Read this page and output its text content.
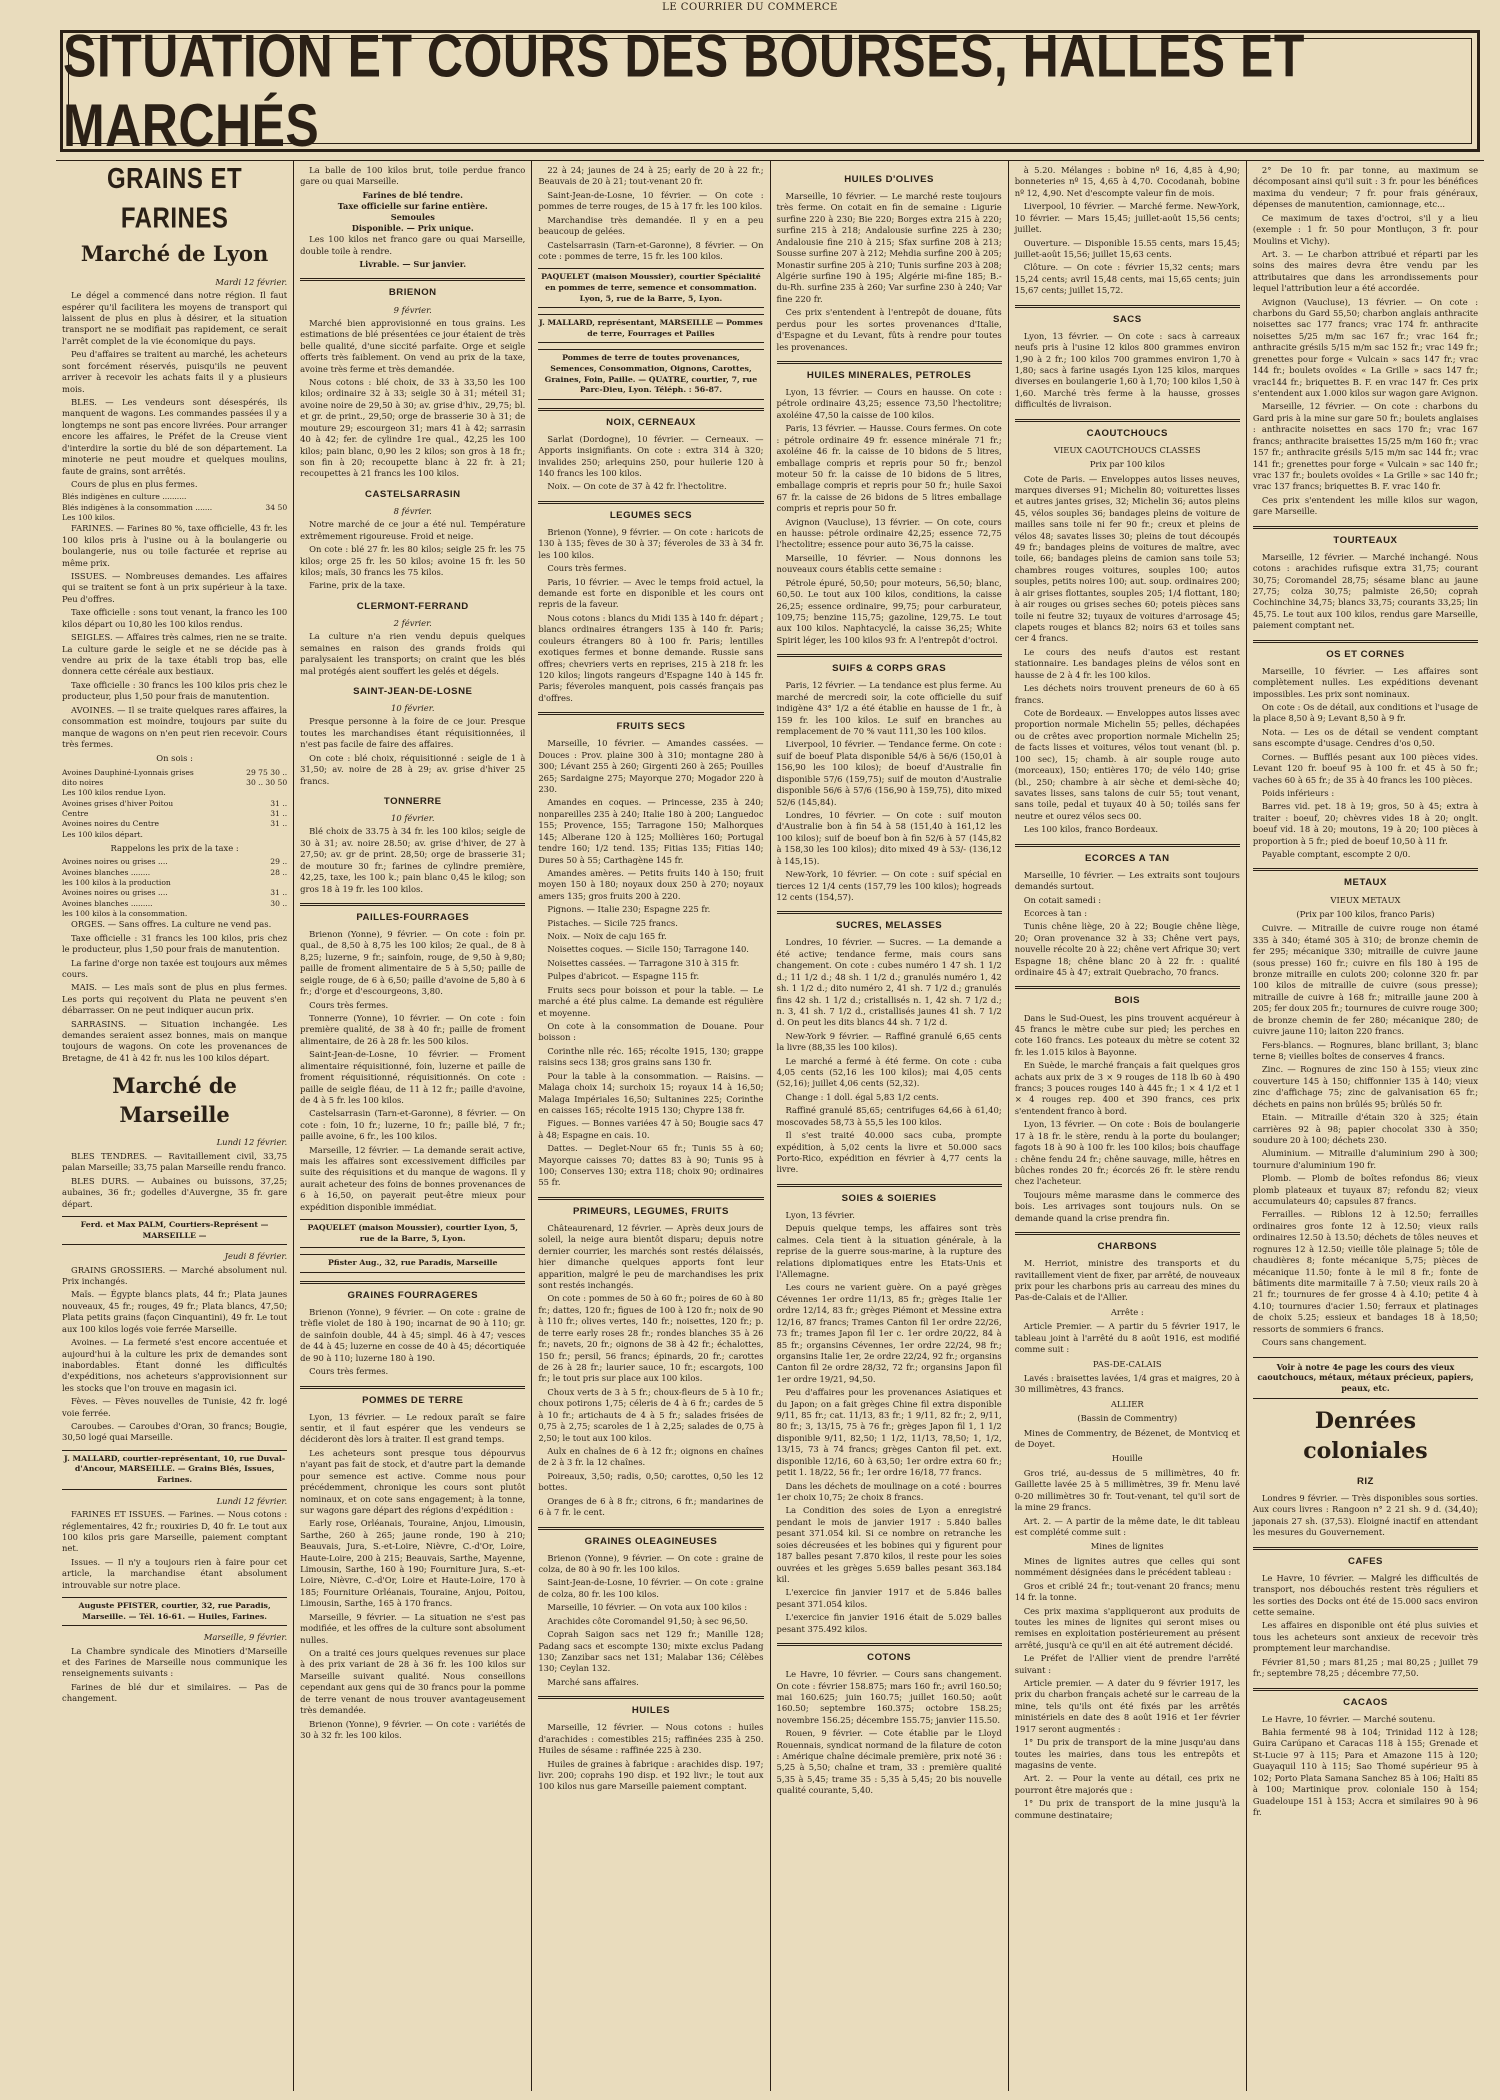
LE COURRIER DU COMMERCE
SITUATION ET COURS DES BOURSES, HALLES ET MARCHÉS
GRAINS ET FARINES
Marché de Lyon
Mardi 12 février.

Le dégel a commencé dans notre région. Il faut espérer qu'il facilitera les moyens de transport qui laissent de plus en plus à désirer, et la situation transport ne se modifiait pas rapidement, ce serait l'arrêt complet de la vie économique du pays.

Peu d'affaires se traitent au marché, les acheteurs sont forcément réservés, puisqu'ils ne peuvent arriver à recevoir les achats faits il y a plusieurs mois.

BLES. — Les vendeurs sont désespérés, ils manquent de wagons. Les commandes passées il y a longtemps ne sont pas encore livrées. Pour arranger encore les affaires, le Préfet de la Creuse vient d'interdire la sortie du blé de son département. La minoterie ne peut moudre et quelques moulins, faute de grains, sont arrêtés.

Cours de plus en plus fermes.

Blés indigènes en culture ..........	
Blés indigènes à la consommation .......	34 50
Les 100 kilos.	

FARINES. — Farines 80 %, taxe officielle, 43 fr. les 100 kilos pris à l'usine ou à la boulangerie ou boulangerie, nus ou toile facturée et reprise au même prix.

ISSUES. — Nombreuses demandes. Les affaires qui se traitent se font à un prix supérieur à la taxe. Peu d'offres.

Taxe officielle : sons tout venant, la franco les 100 kilos départ ou 10,80 les 100 kilos rendus.

SEIGLES. — Affaires très calmes, rien ne se traite. La culture garde le seigle et ne se décide pas à vendre au prix de la taxe établi trop bas, elle donnera cette céréale aux bestiaux.

Taxe officielle : 30 francs les 100 kilos pris chez le producteur, plus 1,50 pour frais de manutention.

AVOINES. — Il se traite quelques rares affaires, la consommation est moindre, toujours par suite du manque de wagons on n'en peut rien recevoir. Cours très fermes.

On sois :
Avoines Dauphiné-Lyonnais grises	29 75 30 ..
dito noires	30 .. 30 50
Les 100 kilos rendue Lyon.	
Avoines grises d'hiver Poitou	31 ..
Centre	31 ..
Avoines noires du Centre	31 ..
Les 100 kilos départ.	
Rappelons les prix de la taxe :
Avoines noires ou grises ....	29 ..
Avoines blanches ........	28 ..
les 100 kilos à la production	
Avoines noires ou grises ....	31 ..
Avoines blanches .........	30 ..
les 100 kilos à la consommation.	

ORGES. — Sans offres. La culture ne vend pas.

Taxe officielle : 31 francs les 100 kilos, pris chez le producteur, plus 1,50 pour frais de manutention.

La farine d'orge non taxée est toujours aux mêmes cours.

MAIS. — Les maïs sont de plus en plus fermes. Les ports qui reçoivent du Plata ne peuvent s'en débarrasser. On ne peut indiquer aucun prix.

SARRASINS. — Situation inchangée. Les demandes seraient assez bonnes, mais on manque toujours de wagons. On cote les provenances de Bretagne, de 41 à 42 fr. nus les 100 kilos départ.

Marché de Marseille
Lundi 12 février.

BLES TENDRES. — Ravitaillement civil, 33,75 palan Marseille; 33,75 palan Marseille rendu franco.

BLES DURS. — Aubaines ou buissons, 37,25; aubaines, 36 fr.; godelles d'Auvergne, 35 fr. gare départ.

Ferd. et Max PALM, Courtiers-Représent — MARSEILLE —
Jeudi 8 février.

GRAINS GROSSIERS. — Marché absolument nul. Prix inchangés.

Maïs. — Égypte blancs plats, 44 fr.; Plata jaunes nouveaux, 45 fr.; rouges, 49 fr.; Plata blancs, 47,50; Plata petits grains (façon Cinquantini), 49 fr. Le tout aux 100 kilos logés voie ferrée Marseille.

Avoines. — La fermeté s'est encore accentuée et aujourd'hui à la culture les prix de demandes sont inabordables. Étant donné les difficultés d'expéditions, nos acheteurs s'approvisionnent sur les stocks que l'on trouve en magasin ici.

Fèves. — Fèves nouvelles de Tunisie, 42 fr. logé voie ferrée.

Caroubes. — Caroubes d'Oran, 30 francs; Bougie, 30,50 logé quai Marseille.

J. MALLARD, courtier-représentant, 10, rue Duval-d'Ancour, MARSEILLE. — Grains Blés, Issues, Farines.
Lundi 12 février.

FARINES ET ISSUES. — Farines. — Nous cotons : réglementaires, 42 fr.; rouxiries D, 40 fr. Le tout aux 100 kilos pris gare Marseille, paiement comptant net.

Issues. — Il n'y a toujours rien à faire pour cet article, la marchandise étant absolument introuvable sur notre place.

Auguste PFISTER, courtier, 32, rue Paradis, Marseille. — Tél. 16-61. — Huiles, Farines.
Marseille, 9 février.

La Chambre syndicale des Minotiers d'Marseille et des Farines de Marseille nous communique les renseignements suivants :

Farines de blé dur et similaires. — Pas de changement.

La balle de 100 kilos brut, toile perdue franco gare ou quai Marseille.

Farines de blé tendre.
Taxe officielle sur farine entière.
Semoules
Disponible. — Prix unique.

Les 100 kilos net franco gare ou quai Marseille, double toile à rendre.

Livrable. — Sur janvier.
BRIENON
9 février.

Marché bien approvisionné en tous grains. Les estimations de blé présentées ce jour étaient de très belle qualité, d'une siccité parfaite. Orge et seigle offerts très faiblement. On vend au prix de la taxe, avoine très ferme et très demandée.

Nous cotons : blé choix, de 33 à 33,50 les 100 kilos; ordinaire 32 à 33; seigle 30 à 31; méteil 31; avoine noire de 29,50 à 30; av. grise d'hiv., 29,75; bl. et gr. de print., 29,50; orge de brasserie 30 à 31; de mouture 29; escourgeon 31; mars 41 à 42; sarrasin 40 à 42; fer. de cylindre 1re qual., 42,25 les 100 kilos; pain blanc, 0,90 les 2 kilos; son gros à 18 fr.; son fin à 20; recoupette blanc à 22 fr. à 21; recoupettes à 21 francs les 100 kilos.

CASTELSARRASIN
8 février.

Notre marché de ce jour a été nul. Température extrêmement rigoureuse. Froid et neige.

On cote : blé 27 fr. les 80 kilos; seigle 25 fr. les 75 kilos; orge 25 fr. les 50 kilos; avoine 15 fr. les 50 kilos; maïs, 30 francs les 75 kilos.

Farine, prix de la taxe.

CLERMONT-FERRAND
2 février.

La culture n'a rien vendu depuis quelques semaines en raison des grands froids qui paralysaient les transports; on craint que les blés mal protégés aient souffert les gelés et dégels.

SAINT-JEAN-DE-LOSNE
10 février.

Presque personne à la foire de ce jour. Presque toutes les marchandises étant réquisitionnées, il n'est pas facile de faire des affaires.

On cote : blé choix, réquisitionné : seigle de 1 à 31,50; av. noire de 28 à 29; av. grise d'hiver 25 francs.

TONNERRE
10 février.

Blé choix de 33.75 à 34 fr. les 100 kilos; seigle de 30 à 31; av. noire 28.50; av. grise d'hiver, de 27 à 27,50; av. gr de print. 28,50; orge de brasserie 31; de mouture 30 fr.; farines de cylindre première, 42,25, taxe, les 100 k.; pain blanc 0,45 le kilog; son gros 18 à 19 fr. les 100 kilos.

PAILLES-FOURRAGES

Brienon (Yonne), 9 février. — On cote : foin pr. qual., de 8,50 à 8,75 les 100 kilos; 2e qual., de 8 à 8,25; luzerne, 9 fr.; sainfoin, rouge, de 9,50 à 9,80; paille de froment alimentaire de 5 à 5,50; paille de seigle rouge, de 6 à 6,50; paille d'avoine de 5,80 à 6 fr.; d'orge et d'escourgeons, 3,80.

Cours très fermes.

Tonnerre (Yonne), 10 février. — On cote : foin première qualité, de 38 à 40 fr.; paille de froment alimentaire, de 26 à 28 fr. les 500 kilos.

Saint-Jean-de-Losne, 10 février. — Froment alimentaire réquisitionné, foin, luzerne et paille de froment réquisitionné, réquisitionnés. On cote : paille de seigle fléau, de 11 à 12 fr.; paille d'avoine, de 4 à 5 fr. les 100 kilos.

Castelsarrasin (Tarn-et-Garonne), 8 février. — On cote : foin, 10 fr.; luzerne, 10 fr.; paille blé, 7 fr.; paille avoine, 6 fr., les 100 kilos.

Marseille, 12 février. — La demande serait active, mais les affaires sont excessivement difficiles par suite des réquisitions et du manque de wagons. Il y aurait acheteur des foins de bonnes provenances de 6 à 16,50, on payerait peut-être mieux pour expédition disponible immédiat.

PAQUELET (maison Moussier), courtier Lyon, 5, rue de la Barre, 5, Lyon.
Pfister Aug., 32, rue Paradis, Marseille
GRAINES FOURRAGERES

Brienon (Yonne), 9 février. — On cote : graine de trèfle violet de 180 à 190; incarnat de 90 à 110; gr. de sainfoin double, 44 à 45; simpl. 46 à 47; vesces de 44 à 45; luzerne en cosse de 40 à 45; décortiquée de 90 à 110; luzerne 180 à 190.

Cours très fermes.

POMMES DE TERRE

Lyon, 13 février. — Le redoux paraît se faire sentir, et il faut espérer que les vendeurs se décideront dès lors à traiter. Il est grand temps.

Les acheteurs sont presque tous dépourvus n'ayant pas fait de stock, et d'autre part la demande pour semence est active. Comme nous pour précédemment, chronique les cours sont plutôt nominaux, et on cote sans engagement; à la tonne, sur wagons gare départ des régions d'expédition :

Early rose, Orléanais, Touraine, Anjou, Limousin, Sarthe, 260 à 265; jaune ronde, 190 à 210; Beauvais, Jura, S.-et-Loire, Nièvre, C.-d'Or, Loire, Haute-Loire, 200 à 215; Beauvais, Sarthe, Mayenne, Limousin, Sarthe, 160 à 190; Fourniture Jura, S.-et-Loire, Nièvre, C.-d'Or, Loire et Haute-Loire, 170 à 185; Fourniture Orléanais, Touraine, Anjou, Poitou, Limousin, Sarthe, 165 à 170 francs.

Marseille, 9 février. — La situation ne s'est pas modifiée, et les offres de la culture sont absolument nulles.

On a traité ces jours quelques revenues sur place à des prix variant de 28 à 36 fr. les 100 kilos sur Marseille suivant qualité. Nous conseillons cependant aux gens qui de 30 francs pour la pomme de terre venant de nous trouver avantageusement très demandée.

Brienon (Yonne), 9 février. — On cote : variétés de 30 à 32 fr. les 100 kilos.

22 à 24; jaunes de 24 à 25; early de 20 à 22 fr.; Beauvais de 20 à 21; tout-venant 20 fr.

Saint-Jean-de-Losne, 10 février. — On cote : pommes de terre rouges, de 15 à 17 fr. les 100 kilos.

Marchandise très demandée. Il y en a peu beaucoup de gelées.

Castelsarrasin (Tarn-et-Garonne), 8 février. — On cote : pommes de terre, 15 fr. les 100 kilos.

PAQUELET (maison Moussier), courtier Spécialité en pommes de terre, semence et consommation. Lyon, 5, rue de la Barre, 5, Lyon.
J. MALLARD, représentant, MARSEILLE — Pommes de terre, Fourrages et Pailles
Pommes de terre de toutes provenances, Semences, Consommation, Oignons, Carottes, Graines, Foin, Paille. — QUATRE, courtier, 7, rue Parc-Dieu, Lyon. Téléph. : 56-87.
NOIX, CERNEAUX

Sarlat (Dordogne), 10 février. — Cerneaux. — Apports insignifiants. On cote : extra 314 à 320; invalides 250; arlequins 250, pour huilerie 120 à 140 francs les 100 kilos.

Noix. — On cote de 37 à 42 fr. l'hectolitre.

LEGUMES SECS

Brienon (Yonne), 9 février. — On cote : haricots de 130 à 135; fèves de 30 à 37; féveroles de 33 à 34 fr. les 100 kilos.

Cours très fermes.

Paris, 10 février. — Avec le temps froid actuel, la demande est forte en disponible et les cours ont repris de la faveur.

Nous cotons : blancs du Midi 135 à 140 fr. départ ; blancs ordinaires étrangers 135 à 140 fr. Paris; couleurs étrangers 80 à 100 fr. Paris; lentilles exotiques fermes et bonne demande. Russie sans offres; chevriers verts en reprises, 215 à 218 fr. les 120 kilos; lingots rangeurs d'Espagne 140 à 145 fr. Paris; féveroles manquent, pois cassés français pas d'offres.

FRUITS SECS

Marseille, 10 février. — Amandes cassées. — Douces : Prov. plaine 300 à 310; montagne 280 à 300; Lévant 255 à 260; Girgenti 260 à 265; Pouilles 265; Sardaigne 275; Mayorque 270; Mogador 220 à 230.

Amandes en coques. — Princesse, 235 à 240; nonpareilles 235 à 240; Italie 180 à 200; Languedoc 155; Provence, 155; Tarragone 150; Malhorques 145; Alberane 120 à 125; Mollières 160; Portugal tendre 160; 1/2 tend. 135; Fitias 135; Fitias 140; Dures 50 à 55; Carthagène 145 fr.

Amandes amères. — Petits fruits 140 à 150; fruit moyen 150 à 180; noyaux doux 250 à 270; noyaux amers 135; gros fruits 200 à 220.

Pignons. — Italie 230; Espagne 225 fr.

Pistaches. — Sicile 725 francs.

Noix. — Noix de caju 165 fr.

Noisettes coques. — Sicile 150; Tarragone 140.

Noisettes cassées. — Tarragone 310 à 315 fr.

Pulpes d'abricot. — Espagne 115 fr.

Fruits secs pour boisson et pour la table. — Le marché a été plus calme. La demande est régulière et moyenne.

On cote à la consommation de Douane. Pour boisson :

Corinthe nlle réc. 165; récolte 1915, 130; grappe raisins secs 138; gros grains sans 130 fr.

Pour la table à la consommation. — Raisins. — Malaga choix 14; surchoix 15; royaux 14 à 16,50; Malaga Impériales 16,50; Sultanines 225; Corinthe en caisses 165; récolte 1915 130; Chypre 138 fr.

Figues. — Bonnes variées 47 à 50; Bougie sacs 47 à 48; Espagne en cais. 10.

Dattes. — Deglet-Nour 65 fr.; Tunis 55 à 60; Mayorque caisses 70; dattes 83 à 90; Tunis 95 à 100; Conserves 130; extra 118; choix 90; ordinaires 55 fr.

PRIMEURS, LEGUMES, FRUITS

Châteaurenard, 12 février. — Après deux jours de soleil, la neige aura bientôt disparu; depuis notre dernier courrier, les marchés sont restés délaissés, hier dimanche quelques apports font leur apparition, malgré le peu de marchandises les prix sont restés inchangés.

On cote : pommes de 50 à 60 fr.; poires de 60 à 80 fr.; dattes, 120 fr.; figues de 100 à 120 fr.; noix de 90 à 110 fr.; olives vertes, 140 fr.; noisettes, 120 fr.; p. de terre early roses 28 fr.; rondes blanches 35 à 26 fr.; navets, 20 fr.; oignons de 38 à 42 fr.; échalottes, 150 fr.; persil, 56 francs; épinards, 20 fr.; carottes de 26 à 28 fr.; laurier sauce, 10 fr.; escargots, 100 fr.; le tout pris sur place aux 100 kilos.

Choux verts de 3 à 5 fr.; choux-fleurs de 5 à 10 fr.; choux potirons 1,75; céleris de 4 à 6 fr.; cardes de 5 à 10 fr.; artichauts de 4 à 5 fr.; salades frisées de 0,75 à 2,75; scaroles de 1 à 2,25; salades de 0,75 à 2,50; le tout aux 100 kilos.

Aulx en chaînes de 6 à 12 fr.; oignons en chaînes de 2 à 3 fr. la 12 chaînes.

Poireaux, 3,50; radis, 0,50; carottes, 0,50 les 12 bottes.

Oranges de 6 à 8 fr.; citrons, 6 fr.; mandarines de 6 à 7 fr. le cent.

GRAINES OLEAGINEUSES

Brienon (Yonne), 9 février. — On cote : graine de colza, de 80 à 90 fr. les 100 kilos.

Saint-Jean-de-Losne, 10 février. — On cote : graine de colza, 80 fr. les 100 kilos.

Marseille, 10 février. — On vota aux 100 kilos :

Arachides côte Coromandel 91,50; à sec 96,50.

Coprah Saigon sacs net 129 fr.; Manille 128; Padang sacs et escompte 130; mixte exclus Padang 130; Zanzibar sacs net 131; Malabar 136; Célèbes 130; Ceylan 132.

Marché sans affaires.

HUILES

Marseille, 12 février. — Nous cotons : huiles d'arachides : comestibles 215; raffinées 235 à 250. Huiles de sésame : raffinée 225 à 230.

Huiles de graines à fabrique : arachides disp. 197; livr. 200; coprahs 190 disp. et 192 livr.; le tout aux 100 kilos nus gare Marseille paiement comptant.

HUILES D'OLIVES

Marseille, 10 février. — Le marché reste toujours très ferme. On cotait en fin de semaine : Ligurie surfine 220 à 230; Bie 220; Borges extra 215 à 220; surfine 215 à 218; Andalousie surfine 225 à 230; Andalousie fine 210 à 215; Sfax surfine 208 à 213; Sousse surfine 207 à 212; Mehdia surfine 200 à 205; Monastir surfine 205 à 210; Tunis surfine 203 à 208; Algérie surfine 190 à 195; Algérie mi-fine 185; B.-du-Rh. surfine 235 à 260; Var surfine 230 à 240; Var fine 220 fr.

Ces prix s'entendent à l'entrepôt de douane, fûts perdus pour les sortes provenances d'Italie, d'Espagne et du Levant, fûts à rendre pour toutes les provenances.

HUILES MINERALES, PETROLES

Lyon, 13 février. — Cours en hausse. On cote : pétrole ordinaire 43,25; essence 73,50 l'hectolitre; axoléine 47,50 la caisse de 100 kilos.

Paris, 13 février. — Hausse. Cours fermes. On cote : pétrole ordinaire 49 fr. essence minérale 71 fr.; axoléine 46 fr. la caisse de 10 bidons de 5 litres, emballage compris et repris pour 50 fr.; benzol moteur 50 fr. la caisse de 10 bidons de 5 litres, emballage compris et repris pour 50 fr.; huile Saxoi 67 fr. la caisse de 26 bidons de 5 litres emballage compris et repris pour 50 fr.

Avignon (Vaucluse), 13 février. — On cote, cours en hausse: pétrole ordinaire 42,25; essence 72,75 l'hectolitre; essence pour auto 36,75 la caisse.

Marseille, 10 février. — Nous donnons les nouveaux cours établis cette semaine :

Pétrole épuré, 50,50; pour moteurs, 56,50; blanc, 60,50. Le tout aux 100 kilos, conditions, la caisse 26,25; essence ordinaire, 99,75; pour carburateur, 109,75; benzine 115,75; gazoline, 129,75. Le tout aux 100 kilos. Naphtacyclé, la caisse 36,25; White Spirit léger, les 100 kilos 93 fr. A l'entrepôt d'octroi.

SUIFS & CORPS GRAS

Paris, 12 février. — La tendance est plus ferme. Au marché de mercredi soir, la cote officielle du suif indigène 43° 1/2 a été établie en hausse de 1 fr., à 159 fr. les 100 kilos. Le suif en branches au remplacement de 70 % vaut 111,30 les 100 kilos.

Liverpool, 10 février. — Tendance ferme. On cote : suif de boeuf Plata disponible 54/6 à 56/6 (150,01 à 156,90 les 100 kilos); de boeuf d'Australie fin disponible 57/6 (159,75); suif de mouton d'Australie disponible 56/6 à 57/6 (156,90 à 159,75), dito mixed 52/6 (145,84).

Londres, 10 février. — On cote : suif mouton d'Australie bon à fin 54 à 58 (151,40 à 161,12 les 100 kilos); suif de boeuf bon à fin 52/6 à 57 (145,82 à 158,30 les 100 kilos); dito mixed 49 à 53/- (136,12 à 145,15).

New-York, 10 février. — On cote : suif spécial en tierces 12 1/4 cents (157,79 les 100 kilos); hogreads 12 cents (154,57).

SUCRES, MELASSES

Londres, 10 février. — Sucres. — La demande a été active; tendance ferme, mais cours sans changement. On cote : cubes numéro 1 47 sh. 1 1/2 d.; 11 1/2 d.; 48 sh. 1 1/2 d.; granulés numéro 1, 42 sh. 1 1/2 d.; dito numéro 2, 41 sh. 7 1/2 d.; granulés fins 42 sh. 1 1/2 d.; cristallisés n. 1, 42 sh. 7 1/2 d.; n. 3, 41 sh. 7 1/2 d., cristallisés jaunes 41 sh. 7 1/2 d. On peut les dits blancs 44 sh. 7 1/2 d.

New-York 9 février. — Raffiné granulé 6,65 cents la livre (88,35 les 100 kilos).

Le marché a fermé à été ferme. On cote : cuba 4,05 cents (52,16 les 100 kilos); mai 4,05 cents (52,16); juillet 4,06 cents (52,32).

Change : 1 doll. égal 5,83 1/2 cents.

Raffiné granulé 85,65; centrifuges 64,66 à 61,40; moscovades 58,73 à 55,5 les 100 kilos.

Il s'est traité 40.000 sacs cuba, prompte expédition, à 5,02 cents la livre et 50.000 sacs Porto-Rico, expédition en février à 4,77 cents la livre.

SOIES & SOIERIES

Lyon, 13 février.

Depuis quelque temps, les affaires sont très calmes. Cela tient à la situation générale, à la reprise de la guerre sous-marine, à la rupture des relations diplomatiques entre les Etats-Unis et l'Allemagne.

Les cours ne varient guère. On a payé grèges Cévennes 1er ordre 11/13, 85 fr.; grèges Italie 1er ordre 12/14, 83 fr.; grèges Piémont et Messine extra 12/16, 87 francs; Trames Canton fil 1er ordre 22/26, 73 fr.; trames Japon fil 1er c. 1er ordre 20/22, 84 à 85 fr.; organsins Cévennes, 1er ordre 22/24, 98 fr.; organsins Italie 1er, 2e ordre 22/24, 92 fr.; organsins Canton fil 2e ordre 28/32, 72 fr.; organsins Japon fil 1er ordre 19/21, 94,50.

Peu d'affaires pour les provenances Asiatiques et du Japon; on a fait grèges Chine fil extra disponible 9/11, 85 fr.; cat. 11/13, 83 fr.; 1 9/11, 82 fr.; 2, 9/11, 80 fr.; 3, 13/15, 75 à 76 fr.; grèges Japon fil 1, 1 1/2 disponible 9/11, 82,50; 1 1/2, 11/13, 78,50; 1, 1/2, 13/15, 73 à 74 francs; grèges Canton fil pet. ext. disponible 12/16, 60 à 63,50; 1er ordre extra 60 fr.; petit 1. 18/22, 56 fr.; 1er ordre 16/18, 77 francs.

Dans les déchets de moulinage on a coté : bourres 1er choix 10,75; 2e choix 8 francs.

La Condition des soies de Lyon a enregistré pendant le mois de janvier 1917 : 5.840 balles pesant 371.054 kil. Si ce nombre on retranche les soies décreusées et les bobines qui y figurent pour 187 balles pesant 7.870 kilos, il reste pour les soies ouvrées et les grèges 5.659 balles pesant 363.184 kil.

L'exercice fin janvier 1917 et de 5.846 balles pesant 371.054 kilos.

L'exercice fin janvier 1916 était de 5.029 balles pesant 375.492 kilos.

COTONS

Le Havre, 10 février. — Cours sans changement. On cote : février 158.875; mars 160 fr.; avril 160.50; mai 160.625; juin 160.75; juillet 160.50; août 160.50; septembre 160.375; octobre 158.25; novembre 156.25; décembre 155.75; janvier 115.50.

Rouen, 9 février. — Cote établie par le Lloyd Rouennais, syndicat normand de la filature de coton : Amérique chaîne décimale première, prix noté 36 : 5,25 à 5,50; chaîne et tram, 33 : première qualité 5,35 à 5,45; trame 35 : 5,35 à 5,45; 20 bis nouvelle qualité courante, 5,40.

à 5.20. Mélanges : bobine nº 16, 4,85 à 4,90; bonneteries nº 15, 4,65 à 4,70. Cocodanah, bobine nº 12, 4,90. Net d'escompte valeur fin de mois.

Liverpool, 10 février. — Marché ferme. New-York, 10 février. — Mars 15,45; juillet-août 15,56 cents; juillet.

Ouverture. — Disponible 15.55 cents, mars 15,45; juillet-août 15,56; juillet 15,63 cents.

Clôture. — On cote : février 15,32 cents; mars 15,24 cents; avril 15,48 cents, mai 15,65 cents; juin 15,67 cents; juillet 15,72.

SACS

Lyon, 13 février. — On cote : sacs à carreaux neufs pris à l'usine 12 kilos 800 grammes environ 1,90 à 2 fr.; 100 kilos 700 grammes environ 1,70 à 1,80; sacs à farine usagés Lyon 125 kilos, marques diverses en boulangerie 1,60 à 1,70; 100 kilos 1,50 à 1,60. Marché très ferme à la hausse, grosses difficultés de livraison.

CAOUTCHOUCS
VIEUX CAOUTCHOUCS CLASSES
Prix par 100 kilos

Cote de Paris. — Enveloppes autos lisses neuves, marques diverses 91; Michelin 80; voiturettes lisses et autres jantes grises, 32; Michelin 36; autos pleins 45, vélos souples 36; bandages pleins de voiture de mailles sans toile ni fer 90 fr.; creux et pleins de vélos 48; savates lisses 30; pleins de tout découpés 49 fr.; bandages pleins de voitures de maître, avec toile, 66; bandages pleins de camion sans toile 53; chambres rouges voitures, souples 100; autos souples, petits noires 100; aut. soup. ordinaires 200; à air grises flottantes, souples 205; 1/4 flottant, 180; à air rouges ou grises seches 60; poteis pièces sans toile ni feutre 32; tuyaux de voitures d'arrosage 45; clapets rouges et blancs 82; noirs 63 et toiles sans cer 4 francs.

Le cours des neufs d'autos est restant stationnaire. Les bandages pleins de vélos sont en hausse de 2 à 4 fr. les 100 kilos.

Les déchets noirs trouvent preneurs de 60 à 65 francs.

Cote de Bordeaux. — Enveloppes autos lisses avec proportion normale Michelin 55; pelles, déchapées ou de crêtes avec proportion normale Michelin 25; de facts lisses et voitures, vélos tout venant (bl. p. 100 sec), 15; chamb. à air souple rouge auto (morceaux), 150; entières 170; de vélo 140; grise (bl., 250; chambre à air sèche et demi-sèche 40; savates lisses, sans talons de cuir 55; tout venant, sans toile, pedal et tuyaux 40 à 50; toilés sans fer neutre et ourez vélos secs 00.

Les 100 kilos, franco Bordeaux.

ECORCES A TAN

Marseille, 10 février. — Les extraits sont toujours demandés surtout.

On cotait samedi :

Ecorces à tan :

Tunis chêne liège, 20 à 22; Bougie chêne liège, 20; Oran provenance 32 à 33; Chêne vert pays, nouvelle récolte 20 à 22; chêne vert Afrique 30; vert Espagne 18; chêne blanc 20 à 22 fr. : qualité ordinaire 45 à 47; extrait Quebracho, 70 francs.

BOIS

Dans le Sud-Ouest, les pins trouvent acquéreur à 45 francs le mètre cube sur pied; les perches en cote 160 francs. Les poteaux du mètre se cotent 32 fr. les 1.015 kilos à Bayonne.

En Suède, le marché français a fait quelques gros achats aux prix de 3 × 9 rouges de 118 lb 60 à 490 francs; 3 pouces rouges 140 à 445 fr.; 1 × 4 1/2 et 1 × 4 rouges rep. 400 et 390 francs, ces prix s'entendent franco à bord.

Lyon, 13 février. — On cote : Bois de boulangerie 17 à 18 fr. le stère, rendu à la porte du boulanger; fagots 18 à 90 à 100 fr. les 100 kilos; bois chauffage : chêne fendu 24 fr.; chêne sauvage, mille, hêtres en bûches rondes 20 fr.; écorcés 26 fr. le stère rendu chez l'acheteur.

Toujours même marasme dans le commerce des bois. Les arrivages sont toujours nuls. On se demande quand la crise prendra fin.

CHARBONS

M. Herriot, ministre des transports et du ravitaillement vient de fixer, par arrêté, de nouveaux prix pour les charbons pris au carreau des mines du Pas-de-Calais et de l'Allier.

Arrête :

Article Premier. — A partir du 5 février 1917, le tableau joint à l'arrêté du 8 août 1916, est modifié comme suit :

PAS-DE-CALAIS

Lavés : braisettes lavées, 1/4 gras et maigres, 20 à 30 millimètres, 43 francs.

ALLIER
(Bassin de Commentry)

Mines de Commentry, de Bézenet, de Montvicq et de Doyet.

Houille

Gros trié, au-dessus de 5 millimètres, 40 fr. Gaillette lavée 25 à 5 millimètres, 39 fr. Menu lavé 0-20 millimètres 30 fr. Tout-venant, tel qu'il sort de la mine 29 francs.

Art. 2. — A partir de la même date, le dit tableau est complété comme suit :

Mines de lignites

Mines de lignites autres que celles qui sont nommément désignées dans le précédent tableau :

Gros et criblé 24 fr.; tout-venant 20 francs; menu 14 fr. la tonne.

Ces prix maxima s'appliqueront aux produits de toutes les mines de lignites qui seront mises ou remises en exploitation postérieurement au présent arrêté, jusqu'à ce qu'il en ait été autrement décidé.

Le Préfet de l'Allier vient de prendre l'arrêté suivant :

Article premier. — A dater du 9 février 1917, les prix du charbon français acheté sur le carreau de la mine, tels qu'ils ont été fixés par les arrêtés ministériels en date des 8 août 1916 et 1er février 1917 seront augmentés :

1° Du prix de transport de la mine jusqu'au dans toutes les mairies, dans tous les entrepôts et magasins de vente.

Art. 2. — Pour la vente au détail, ces prix ne pourront être majorés que :

1° Du prix de transport de la mine jusqu'à la commune destinataire;

2° De 10 fr. par tonne, au maximum se décomposant ainsi qu'il suit : 3 fr. pour les bénéfices maxima du vendeur; 7 fr. pour frais généraux, dépenses de manutention, camionnage, etc...

Ce maximum de taxes d'octroi, s'il y a lieu (exemple : 1 fr. 50 pour Montluçon, 3 fr. pour Moulins et Vichy).

Art. 3. — Le charbon attribué et réparti par les soins des maires devra être vendu par les attributaires que dans les arrondissements pour lequel l'attribution leur a été accordée.

Avignon (Vaucluse), 13 février. — On cote : charbons du Gard 55,50; charbon anglais anthracite noisettes sac 177 francs; vrac 174 fr. anthracite noisettes 5/25 m/m sac 167 fr.; vrac 164 fr.; anthracite grésils 5/15 m/m sac 152 fr.; vrac 149 fr.; grenettes pour forge « Vulcain » sacs 147 fr.; vrac 144 fr.; boulets ovoïdes « La Grille » sacs 147 fr.; vrac144 fr.; briquettes B. F. en vrac 147 fr. Ces prix s'entendent aux 1.000 kilos sur wagon gare Avignon.

Marseille, 12 février. — On cote : charbons du Gard pris à la mine sur gare 50 fr.; boulets anglaises : anthracite noisettes en sacs 170 fr.; vrac 167 francs; anthracite braisettes 15/25 m/m 160 fr.; vrac 157 fr.; anthracite grésils 5/15 m/m sac 144 fr.; vrac 141 fr.; grenettes pour forge « Vulcain » sac 140 fr.; vrac 137 fr.; boulets ovoïdes « La Grille » sac 140 fr.; vrac 137 francs; briquettes B. F. vrac 140 fr.

Ces prix s'entendent les mille kilos sur wagon, gare Marseille.

TOURTEAUX

Marseille, 12 février. — Marché inchangé. Nous cotons : arachides rufisque extra 31,75; courant 30,75; Coromandel 28,75; sésame blanc au jaune 27,75; colza 30,75; palmiste 26,50; coprah Cochinchine 34,75; blancs 33,75; courants 33,25; lin 45,75. Le tout aux 100 kilos, rendus gare Marseille, paiement comptant net.

OS ET CORNES

Marseille, 10 février. — Les affaires sont complètement nulles. Les expéditions devenant impossibles. Les prix sont nominaux.

On cote : Os de détail, aux conditions et l'usage de la place 8,50 à 9; Levant 8,50 à 9 fr.

Nota. — Les os de détail se vendent comptant sans escompte d'usage. Cendres d'os 0,50.

Cornes. — Bufflés pesant aux 100 pièces vides. Levant 120 fr. boeuf 95 à 100 fr. et 45 à 50 fr.; vaches 60 à 65 fr.; de 35 à 40 francs les 100 pièces.

Poids inférieurs :

Barres vid. pet. 18 à 19; gros, 50 à 45; extra à traiter : boeuf, 20; chèvres vides 18 à 20; onglt. boeuf vid. 18 à 20; moutons, 19 à 20; 100 pièces à proportion à 5 fr.; pied de boeuf 10,50 à 11 fr.

Payable comptant, escompte 2 0/0.

METAUX
VIEUX METAUX
(Prix par 100 kilos, franco Paris)

Cuivre. — Mitraille de cuivre rouge non étamé 335 à 340; étamé 305 à 310; de bronze chemin de fer 295; mécanique 330; mitraille de cuivre jaune (sous presse) 160 fr.; cuivre en fils 180 à 195 de bronze mitraille en culots 200; colonne 320 fr. par 100 kilos de mitraille de cuivre (sous presse); mitraille de cuivre à 168 fr.; mitraille jaune 200 à 205; fer doux 205 fr.; tournures de cuivre rouge 300; de bronze chemin de fer 280; mécanique 280; de cuivre jaune 110; laiton 220 francs.

Fers-blancs. — Rognures, blanc brillant, 3; blanc terne 8; vieilles boîtes de conserves 4 francs.

Zinc. — Rognures de zinc 150 à 155; vieux zinc couverture 145 à 150; chiffonnier 135 à 140; vieux zinc d'affichage 75; zinc de galvanisation 65 fr.; déchets en pains non brûlés 95; brûlés 50 fr.

Etain. — Mitraille d'étain 320 à 325; étain carrières 92 à 98; papier chocolat 330 à 350; soudure 20 à 100; déchets 230.

Aluminium. — Mitraille d'aluminium 290 à 300; tournure d'aluminium 190 fr.

Plomb. — Plomb de boîtes refondus 86; vieux plomb plateaux et tuyaux 87; refondu 82; vieux accumulateurs 40; capsules 87 francs.

Ferrailles. — Riblons 12 à 12.50; ferrailles ordinaires gros fonte 12 à 12.50; vieux rails ordinaires 12.50 à 13.50; déchets de tôles neuves et rognures 12 à 12.50; vieille tôle plainage 5; tôle de chaudières 8; fonte mécanique 5,75; pièces de mécanique 11.50; fonte à le mil 8 fr.; fonte de bâtiments dite marmitaille 7 à 7.50; vieux rails 20 à 21 fr.; tournures de fer grosse 4 à 4.10; petite 4 à 4.10; tournures d'acier 1.50; ferraux et platinages de choix 5.25; essieux et bandages 18 à 18,50; ressorts de sommiers 6 francs.

Cours sans changement.

Voir à notre 4e page les cours des vieux caoutchoucs, métaux, métaux précieux, papiers, peaux, etc.
Denrées coloniales
RIZ

Londres 9 février. — Très disponibles sous sorties. Aux cours livres : Rangoon n° 2 21 sh. 9 d. (34,40); japonais 27 sh. (37,53). Eloigné inactif en attendant les mesures du Gouvernement.

CAFES

Le Havre, 10 février. — Malgré les difficultés de transport, nos débouchés restent très réguliers et les sorties des Docks ont été de 15.000 sacs environ cette semaine.

Les affaires en disponible ont été plus suivies et tous les acheteurs sont anxieux de recevoir très promptement leur marchandise.

Février 81,50 ; mars 81,25 ; mai 80,25 ; juillet 79 fr.; septembre 78,25 ; décembre 77,50.

CACAOS

Le Havre, 10 février. — Marché soutenu.

Bahia fermenté 98 à 104; Trinidad 112 à 128; Guira Carúpano et Caracas 118 à 155; Grenade et St-Lucie 97 à 115; Para et Amazone 115 à 120; Guayaquil 110 à 115; Sao Thomé supérieur 95 à 102; Porto Plata Samana Sanchez 85 à 106; Haïti 85 à 100; Martinique prov. coloniale 150 à 154; Guadeloupe 151 à 153; Accra et similaires 90 à 96 fr.
